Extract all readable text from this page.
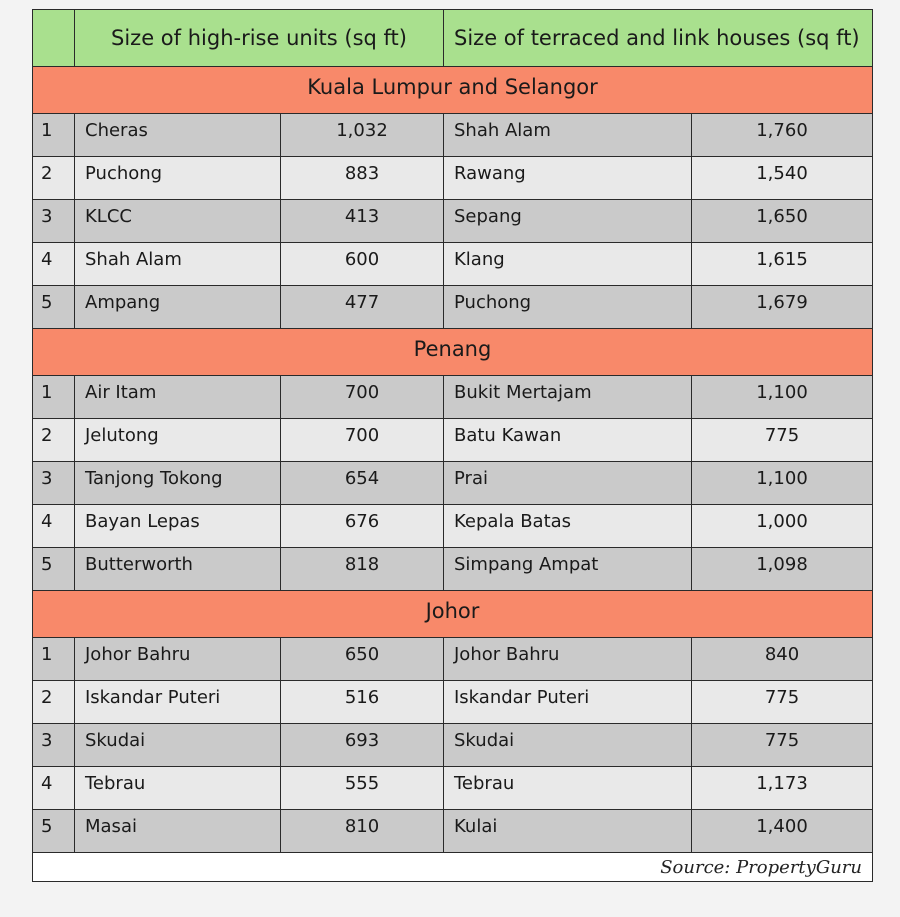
	Size of high-rise units (sq ft)		Size of terraced and link houses (sq ft)	
Kuala Lumpur and Selangor				
1	Cheras	1,032	Shah Alam	1,760
2	Puchong	883	Rawang	1,540
3	KLCC	413	Sepang	1,650
4	Shah Alam	600	Klang	1,615
5	Ampang	477	Puchong	1,679
Penang				
1	Air Itam	700	Bukit Mertajam	1,100
2	Jelutong	700	Batu Kawan	775
3	Tanjong Tokong	654	Prai	1,100
4	Bayan Lepas	676	Kepala Batas	1,000
5	Butterworth	818	Simpang Ampat	1,098
Johor				
1	Johor Bahru	650	Johor Bahru	840
2	Iskandar Puteri	516	Iskandar Puteri	775
3	Skudai	693	Skudai	775
4	Tebrau	555	Tebrau	1,173
5	Masai	810	Kulai	1,400
Source: PropertyGuru				
